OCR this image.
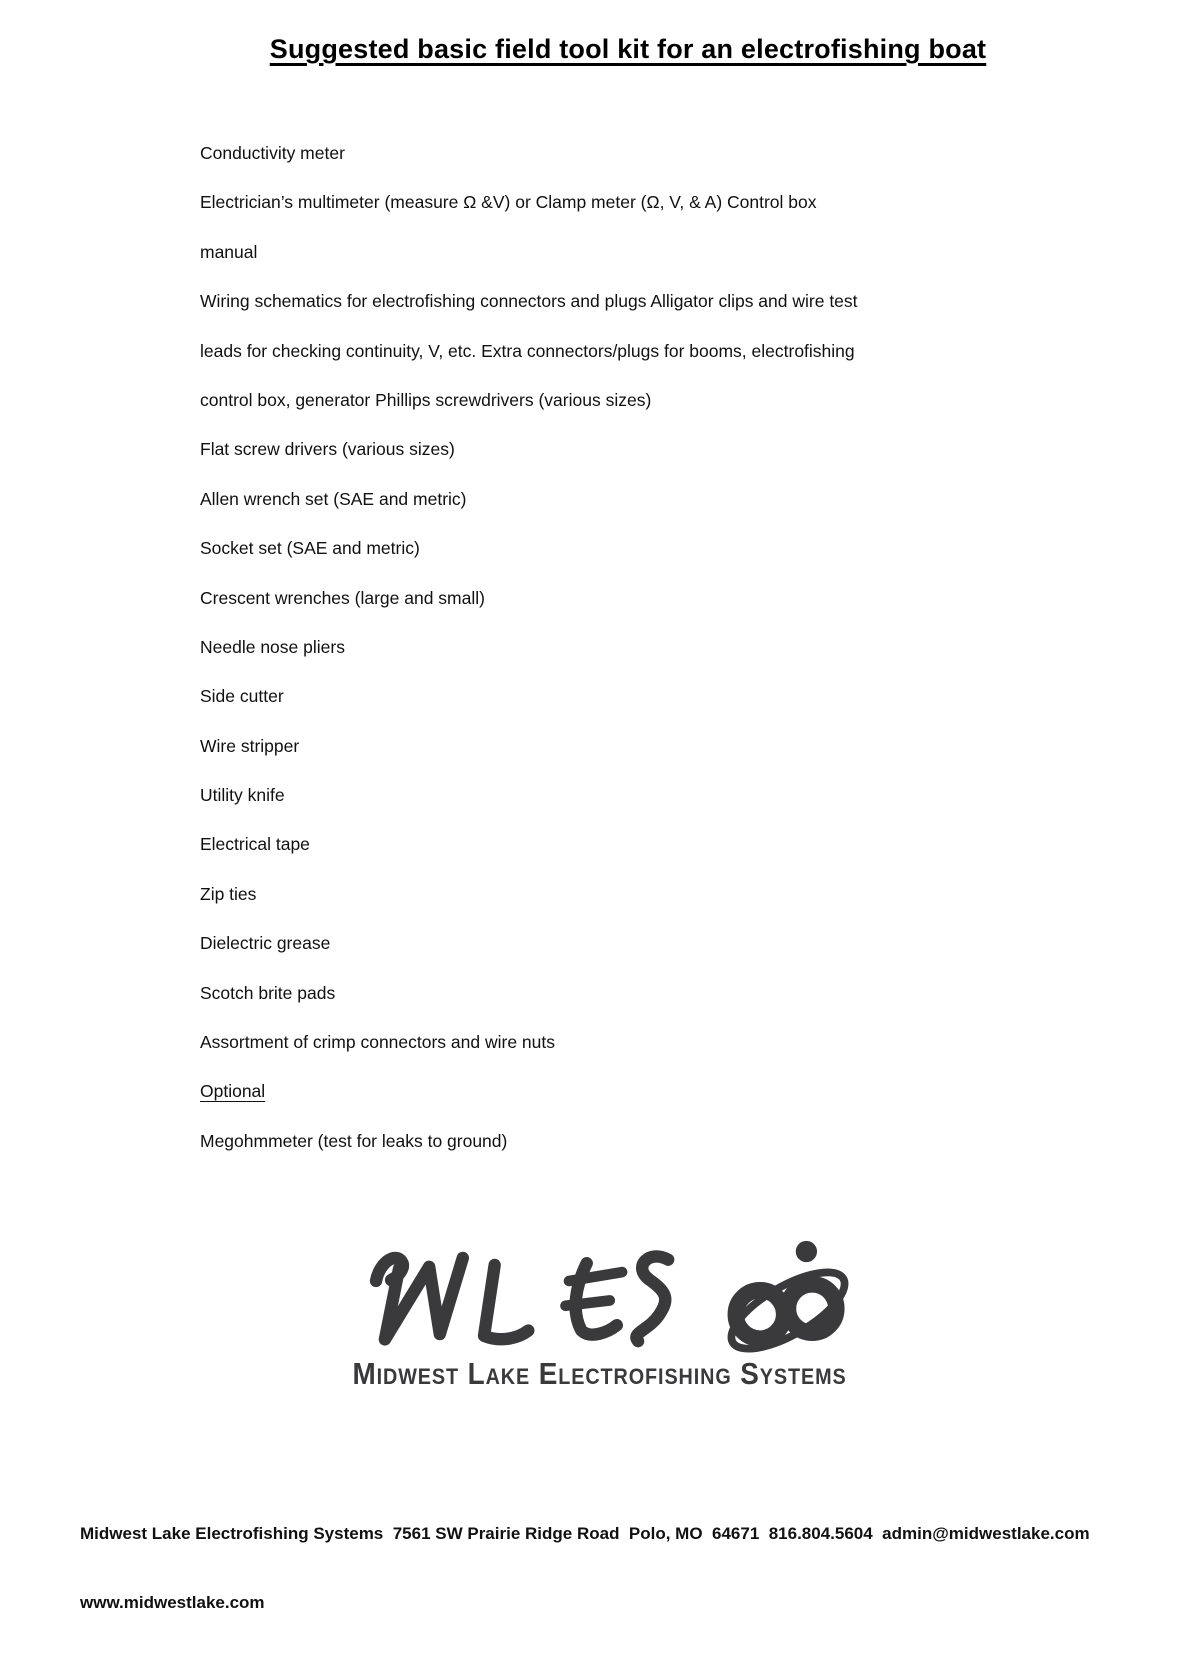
Suggested basic field tool kit for an electrofishing boat
Conductivity meter
Electrician’s multimeter (measure Ω &V) or Clamp meter (Ω, V, & A) Control box
manual
Wiring schematics for electrofishing connectors and plugs Alligator clips and wire test
leads for checking continuity, V, etc. Extra connectors/plugs for booms, electrofishing
control box, generator Phillips screwdrivers (various sizes)
Flat screw drivers (various sizes)
Allen wrench set (SAE and metric)
Socket set (SAE and metric)
Crescent wrenches (large and small)
Needle nose pliers
Side cutter
Wire stripper
Utility knife
Electrical tape
Zip ties
Dielectric grease
Scotch brite pads
Assortment of crimp connectors and wire nuts
Optional
Megohmmeter (test for leaks to ground)
Midwest Lake Electrofishing Systems

Midwest Lake Electrofishing Systems  7561 SW Prairie Ridge Road  Polo, MO  64671  816.804.5604  admin@midwestlake.com

www.midwestlake.com
